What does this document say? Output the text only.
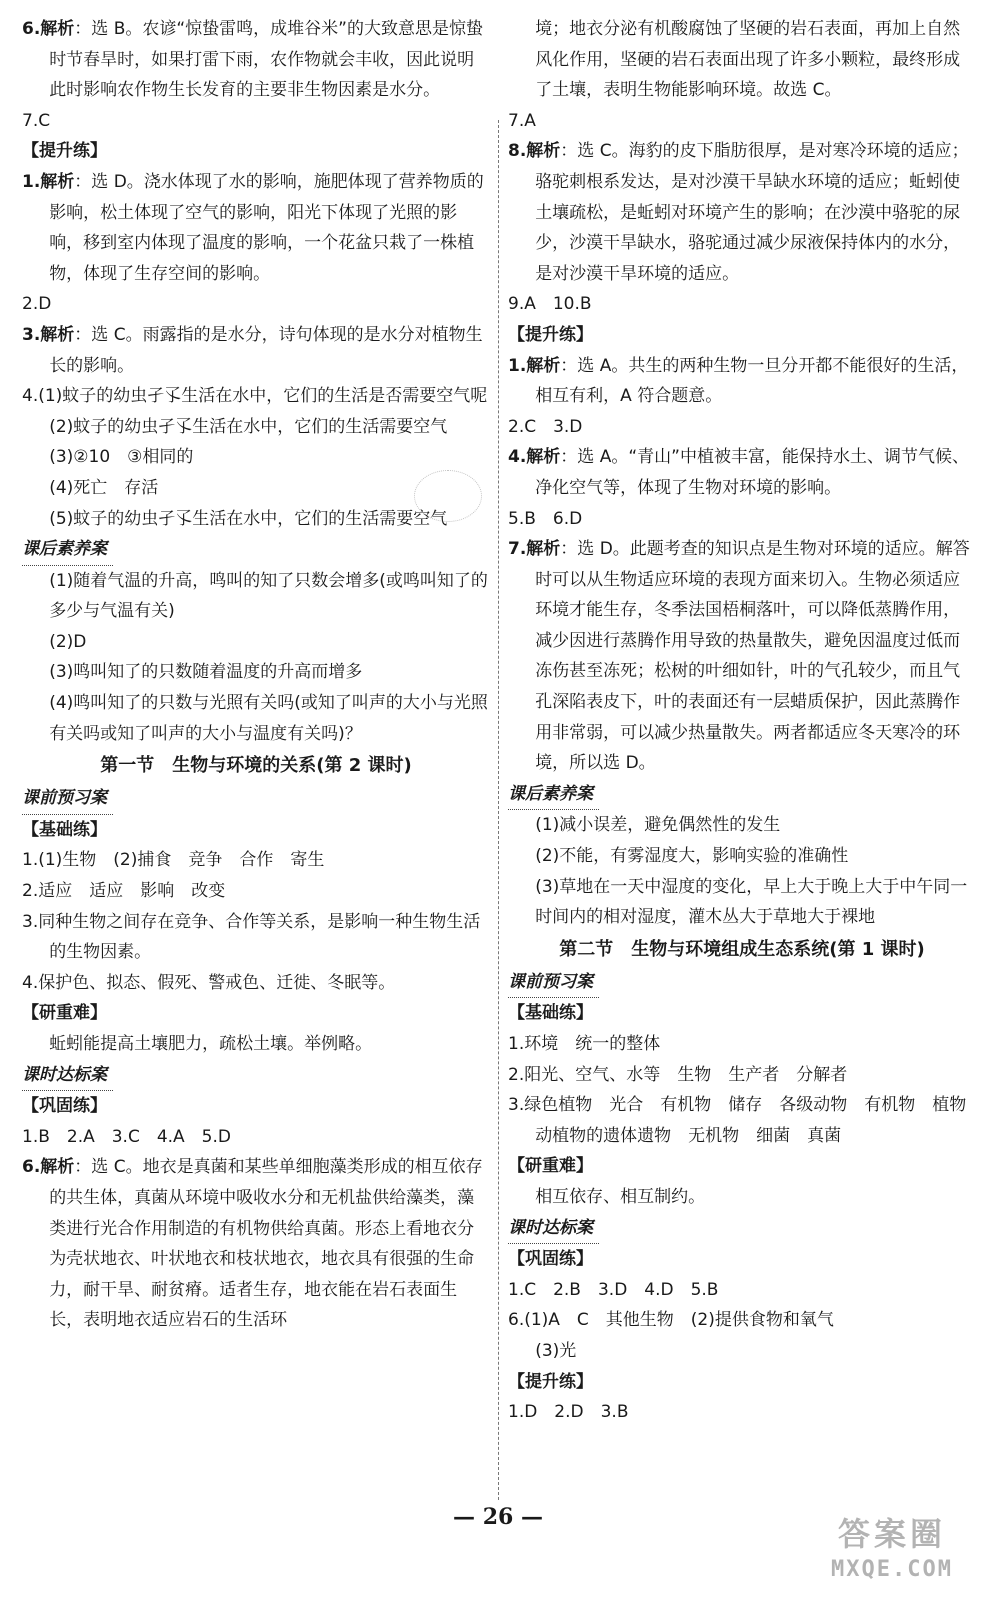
6.解析：选 B。农谚“惊蛰雷鸣，成堆谷米”的大致意思是惊蛰时节春旱时，如果打雷下雨，农作物就会丰收，因此说明此时影响农作物生长发育的主要非生物因素是水分。
7.C
【提升练】
1.解析：选 D。浇水体现了水的影响，施肥体现了营养物质的影响，松土体现了空气的影响，阳光下体现了光照的影响，移到室内体现了温度的影响，一个花盆只栽了一株植物，体现了生存空间的影响。
2.D
3.解析：选 C。雨露指的是水分，诗句体现的是水分对植物生长的影响。
4.(1)蚊子的幼虫孑孓生活在水中，它们的生活是否需要空气呢
(2)蚊子的幼虫孑孓生活在水中，它们的生活需要空气
(3)②10　③相同的
(4)死亡　存活
(5)蚊子的幼虫孑孓生活在水中，它们的生活需要空气
课后素养案

(1)随着气温的升高，鸣叫的知了只数会增多(或鸣叫知了的多少与气温有关)
(2)D
(3)鸣叫知了的只数随着温度的升高而增多
(4)鸣叫知了的只数与光照有关吗(或知了叫声的大小与光照有关吗或知了叫声的大小与温度有关吗)？
第一节　生物与环境的关系(第 2 课时)
课前预习案

【基础练】
1.(1)生物　(2)捕食　竞争　合作　寄生
2.适应　适应　影响　改变
3.同种生物之间存在竞争、合作等关系，是影响一种生物生活的生物因素。
4.保护色、拟态、假死、警戒色、迁徙、冬眠等。
【研重难】
蚯蚓能提高土壤肥力，疏松土壤。举例略。
课时达标案

【巩固练】
1.B　2.A　3.C　4.A　5.D
6.解析：选 C。地衣是真菌和某些单细胞藻类形成的相互依存的共生体，真菌从环境中吸收水分和无机盐供给藻类，藻类进行光合作用制造的有机物供给真菌。形态上看地衣分为壳状地衣、叶状地衣和枝状地衣，地衣具有很强的生命力，耐干旱、耐贫瘠。适者生存，地衣能在岩石表面生长，表明地衣适应岩石的生活环
境；地衣分泌有机酸腐蚀了坚硬的岩石表面，再加上自然风化作用，坚硬的岩石表面出现了许多小颗粒，最终形成了土壤，表明生物能影响环境。故选 C。
7.A
8.解析：选 C。海豹的皮下脂肪很厚，是对寒冷环境的适应；骆驼刺根系发达，是对沙漠干旱缺水环境的适应；蚯蚓使土壤疏松，是蚯蚓对环境产生的影响；在沙漠中骆驼的尿少，沙漠干旱缺水，骆驼通过减少尿液保持体内的水分，是对沙漠干旱环境的适应。
9.A　10.B
【提升练】
1.解析：选 A。共生的两种生物一旦分开都不能很好的生活，相互有利，A 符合题意。
2.C　3.D
4.解析：选 A。“青山”中植被丰富，能保持水土、调节气候、净化空气等，体现了生物对环境的影响。
5.B　6.D
7.解析：选 D。此题考查的知识点是生物对环境的适应。解答时可以从生物适应环境的表现方面来切入。生物必须适应环境才能生存，冬季法国梧桐落叶，可以降低蒸腾作用，减少因进行蒸腾作用导致的热量散失，避免因温度过低而冻伤甚至冻死；松树的叶细如针，叶的气孔较少，而且气孔深陷表皮下，叶的表面还有一层蜡质保护，因此蒸腾作用非常弱，可以减少热量散失。两者都适应冬天寒冷的环境，所以选 D。
课后素养案

(1)减小误差，避免偶然性的发生
(2)不能，有雾湿度大，影响实验的准确性
(3)草地在一天中湿度的变化，早上大于晚上大于中午同一时间内的相对湿度，灌木丛大于草地大于裸地
第二节　生物与环境组成生态系统(第 1 课时)
课前预习案

【基础练】
1.环境　统一的整体
2.阳光、空气、水等　生物　生产者　分解者
3.绿色植物　光合　有机物　储存　各级动物　有机物　植物　动植物的遗体遗物　无机物　细菌　真菌
【研重难】
相互依存、相互制约。
课时达标案

【巩固练】
1.C　2.B　3.D　4.D　5.B
6.(1)A　C　其他生物　(2)提供食物和氧气
(3)光
【提升练】
1.D　2.D　3.B
— 26 —	答案圈
MXQE.COM
